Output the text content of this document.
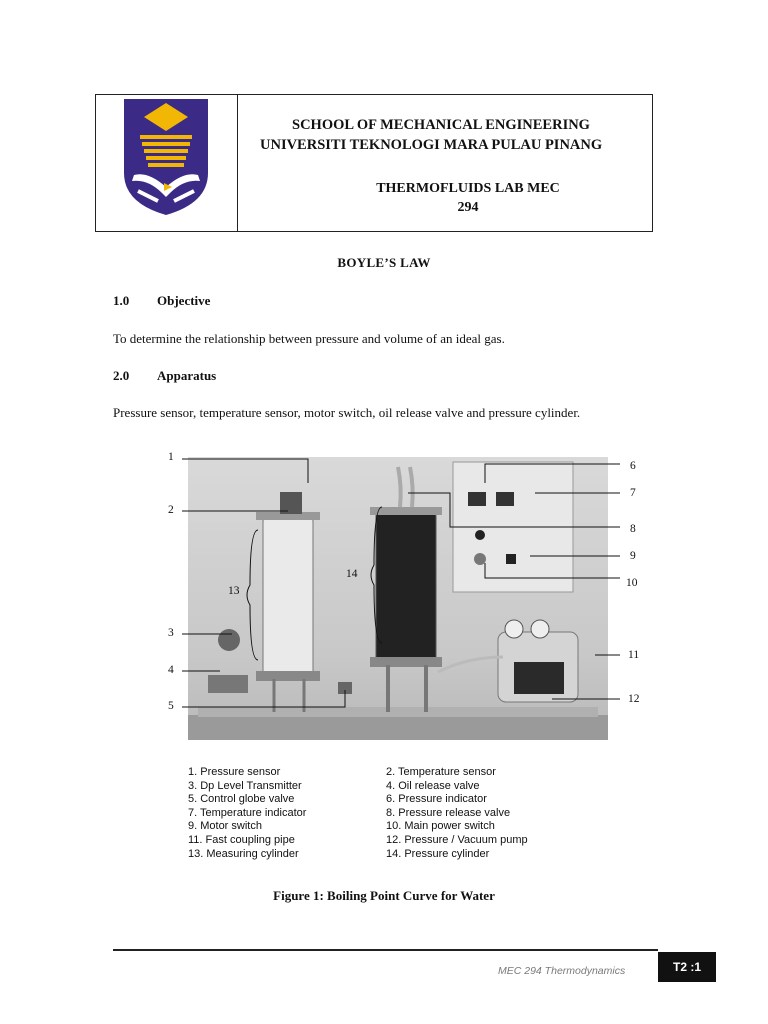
SCHOOL OF MECHANICAL ENGINEERING
UNIVERSITI TEKNOLOGI MARA PULAU PINANG
THERMOFLUIDS LAB MEC
294
BOYLE’S LAW
1.0 Objective
To determine the relationship between pressure and volume of an ideal gas.
2.0 Apparatus
Pressure sensor, temperature sensor, motor switch, oil release valve and pressure cylinder.
1
2
3
4
5
6
7
8
9
10
11
12
13
14
1. Pressure sensor
3. Dp Level Transmitter
5. Control globe valve
7. Temperature indicator
9. Motor switch
11. Fast coupling pipe
13. Measuring cylinder
2. Temperature sensor
4. Oil release valve
6. Pressure indicator
8. Pressure release valve
10. Main power switch
12. Pressure / Vacuum pump
14. Pressure cylinder
Figure 1: Boiling Point Curve for Water
MEC 294 Thermodynamics	T2 :1
